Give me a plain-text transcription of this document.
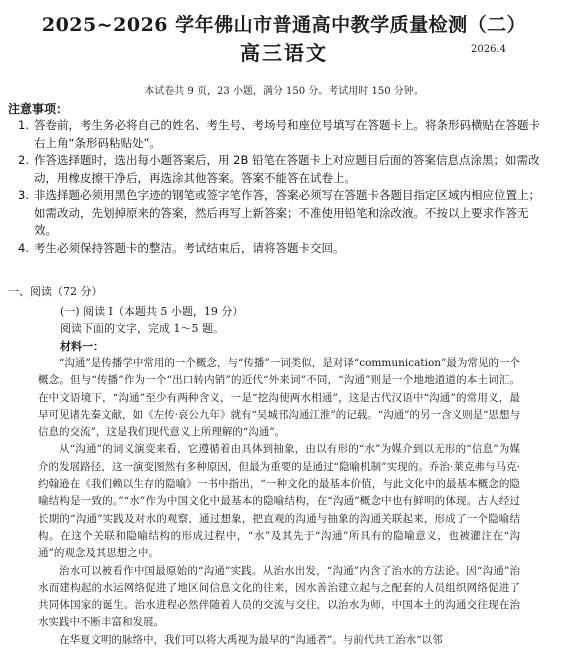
2025~2026 学年佛山市普通高中教学质量检测（二）
高三语文	2026.4
本试卷共 9 页，23 小题，满分 150 分。考试用时 150 分钟。
注意事项：
1. 答卷前，考生务必将自己的姓名、考生号、考场号和座位号填写在答题卡上。将条形码横贴在答题卡右上角“条形码粘贴处”。
2. 作答选择题时，选出每小题答案后，用 2B 铅笔在答题卡上对应题目后面的答案信息点涂黑；如需改动，用橡皮擦干净后，再选涂其他答案。答案不能答在试卷上。
3. 非选择题必须用黑色字迹的钢笔或签字笔作答，答案必须写在答题卡各题目指定区域内相应位置上；如需改动，先划掉原来的答案，然后再写上新答案；不准使用铅笔和涂改液。不按以上要求作答无效。
4. 考生必须保持答题卡的整洁。考试结束后，请将答题卡交回。
一、阅读（72 分）
(一) 阅读 I（本题共 5 小题，19 分）
阅读下面的文字，完成 1～5 题。
材料一：

“沟通”是传播学中常用的一个概念，与“传播”一词类似，是对译“communication”最为常见的一个概念。但与“传播”作为一个“出口转内销”的近代“外来词”不同，“沟通”则是一个地地道道的本土词汇。在中文语境下，“沟通”至少有两种含义，一是“挖沟使两水相通”，这是古代汉语中“沟通”的常用义，最早可见诸先秦文献，如《左传·哀公九年》就有“吴城邗沟通江淮”的记载。“沟通”的另一含义则是“思想与信息的交流”，这是我们现代意义上所理解的“沟通”。

从“沟通”的词义演变来看，它遵循着由具体到抽象，由以有形的“水”为媒介到以无形的“信息”为媒介的发展路径，这一演变图然有多种原因，但最为重要的是通过“隐喻机制”实现的。乔治·莱克弗与马克·约翰逊在《我们赖以生存的隐喻》一书中指出，“一种文化的最基本价值，与此文化中的最基本概念的隐喻结构是一致的。”“水”作为中国文化中最基本的隐喻结构，在“沟通”概念中也有鲜明的体现。古人经过长期的“沟通”实践及对水的观察，通过想象，把直观的沟通与抽象的沟通关联起来，形成了一个隐喻结构。在这个关联和隐喻结构的形成过程中，“水”及其先于“沟通”所具有的隐喻意义，也被灌注在“沟通”的观念及其思想之中。

治水可以被看作中国最原始的“沟通”实践。从治水出发，“沟通”内含了治水的方法论。因“沟通”治水而建构起的水运网络促进了地区间信息文化的往来，因水善治建立起与之配套的人员组织网络促进了共同体国家的诞生。治水进程必然伴随着人员的交流与交往，以治水为师，中国本土的沟通交往现在治水实践中不断丰富和发展。

在华夏文明的脉络中，我们可以将大禹视为最早的“沟通者”。与前代共工治水“以邻
